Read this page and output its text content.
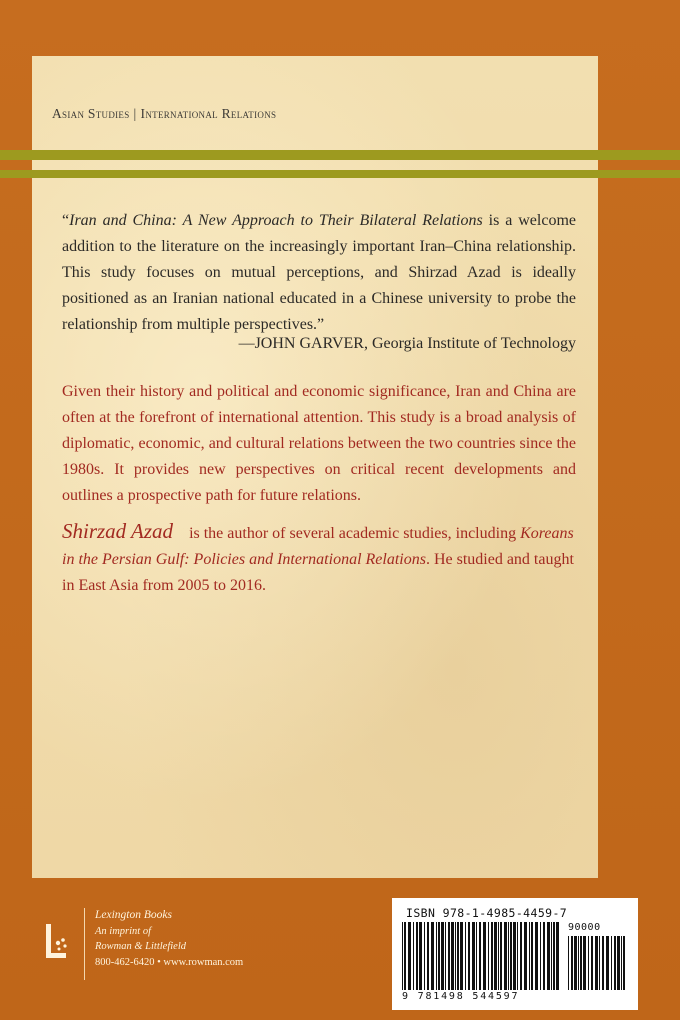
Asian Studies | International Relations
“Iran and China: A New Approach to Their Bilateral Relations is a welcome addition to the literature on the increasingly important Iran–China relationship. This study focuses on mutual perceptions, and Shirzad Azad is ideally positioned as an Iranian national educated in a Chinese university to probe the relationship from multiple perspectives.”
—JOHN GARVER, Georgia Institute of Technology
Given their history and political and economic significance, Iran and China are often at the forefront of international attention. This study is a broad analysis of diplomatic, economic, and cultural relations between the two countries since the 1980s. It provides new perspectives on critical recent developments and outlines a prospective path for future relations.
Shirzad Azad is the author of several academic studies, including Koreans in the Persian Gulf: Policies and International Relations. He studied and taught in East Asia from 2005 to 2016.
Lexington Books
An imprint of
Rowman & Littlefield
800-462-6420 • www.rowman.com
ISBN 978-1-4985-4459-7
90000
9 781498 544597
